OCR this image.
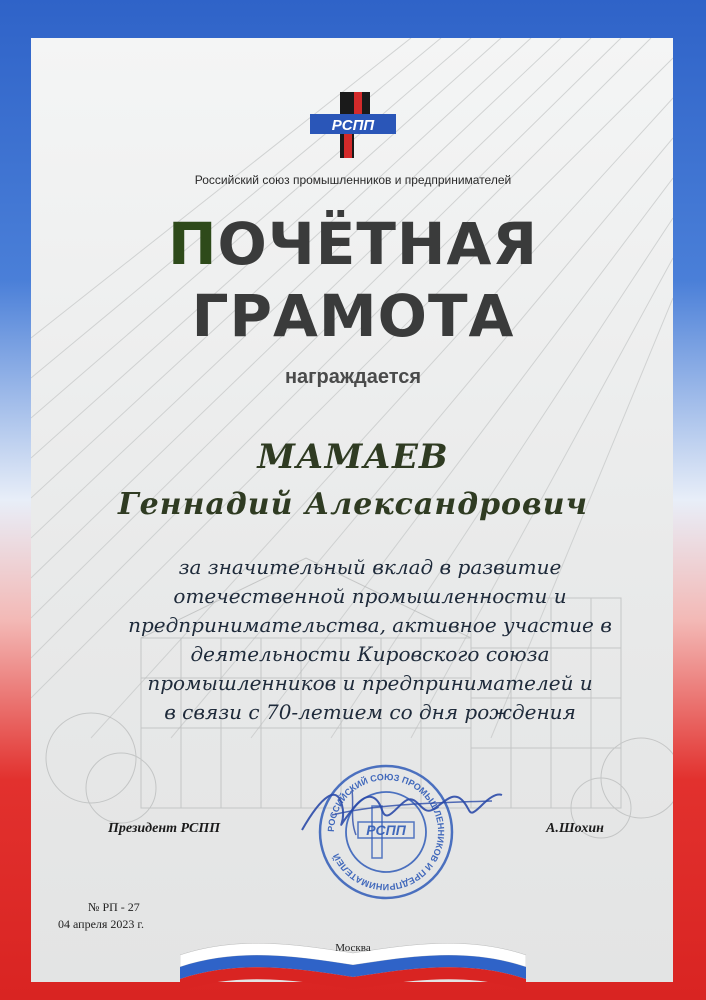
РСПП
Российский союз промышленников и предпринимателей
ПОЧЁТНАЯ
ГРАМОТА
награждается
МАМАЕВ
Геннадий Александрович
за значительный вклад в развитие
отечественной промышленности и
предпринимательства, активное участие в
деятельности Кировского союза
промышленников и предпринимателей и
в связи с 70-летием со дня рождения
РОССИЙСКИЙ СОЮЗ ПРОМЫШЛЕННИКОВ И ПРЕДПРИНИМАТЕЛЕЙ
РСПП
Президент РСПП	А.Шохин
№ РП - 27
04 апреля 2023 г.
Москва
